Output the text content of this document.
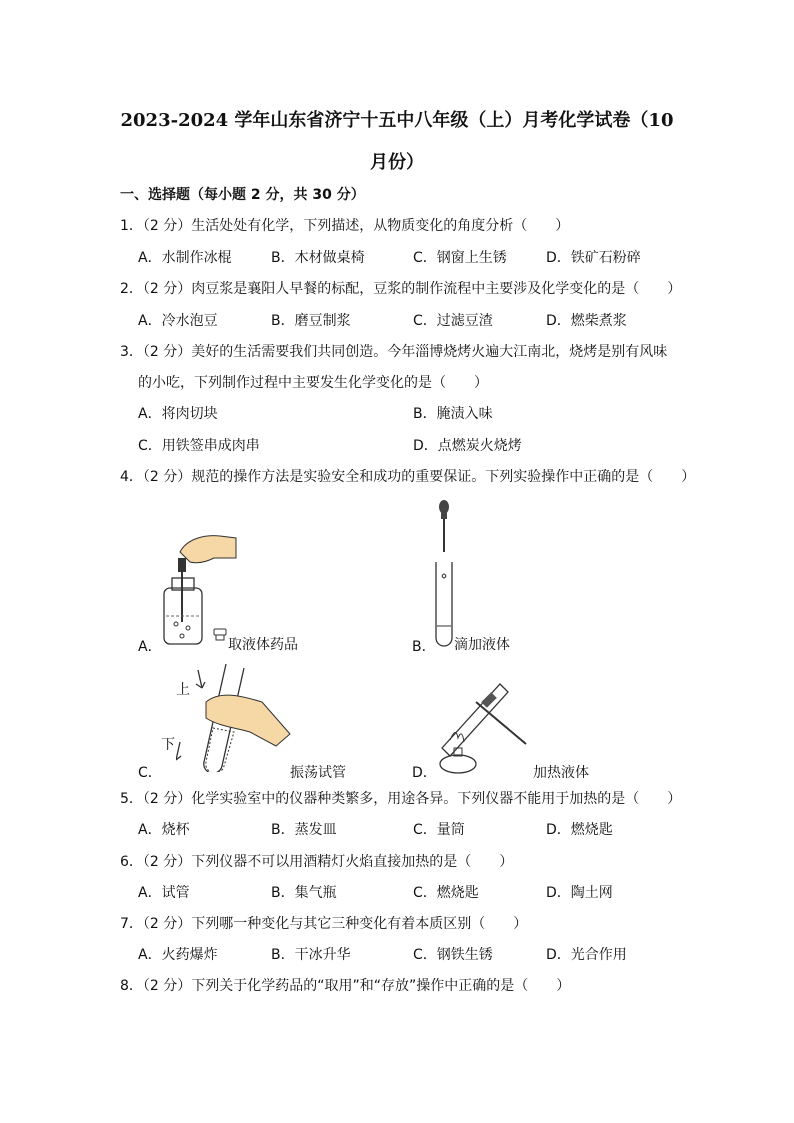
2023-2024 学年山东省济宁十五中八年级（上）月考化学试卷（10
月份）
一、选择题（每小题 2 分，共 30 分）
1．（2 分）生活处处有化学，下列描述，从物质变化的角度分析（　　）
A．水制作冰棍	B．木材做桌椅	C．钢窗上生锈	D．铁矿石粉碎
2．（2 分）肉豆浆是襄阳人早餐的标配，豆浆的制作流程中主要涉及化学变化的是（　　）
A．冷水泡豆	B．磨豆制浆	C．过滤豆渣	D．燃柴煮浆
3．（2 分）美好的生活需要我们共同创造。今年淄博烧烤火遍大江南北，烧烤是别有风味
的小吃，下列制作过程中主要发生化学变化的是（　　）
A．将肉切块	B．腌渍入味
C．用铁签串成肉串	D．点燃炭火烧烤
4．（2 分）规范的操作方法是实验安全和成功的重要保证。下列实验操作中正确的是（　　）
A．	取液体药品	B． 滴加液体
上
下
C．	振荡试管	D．	加热液体
5．（2 分）化学实验室中的仪器种类繁多，用途各异。下列仪器不能用于加热的是（　　）
A．烧杯	B．蒸发皿	C．量筒	D．燃烧匙
6．（2 分）下列仪器不可以用酒精灯火焰直接加热的是（　　）
A．试管	B．集气瓶	C．燃烧匙	D．陶土网
7．（2 分）下列哪一种变化与其它三种变化有着本质区别（　　）
A．火药爆炸	B．干冰升华	C．钢铁生锈	D．光合作用
8．（2 分）下列关于化学药品的“取用”和“存放”操作中正确的是（　　）
